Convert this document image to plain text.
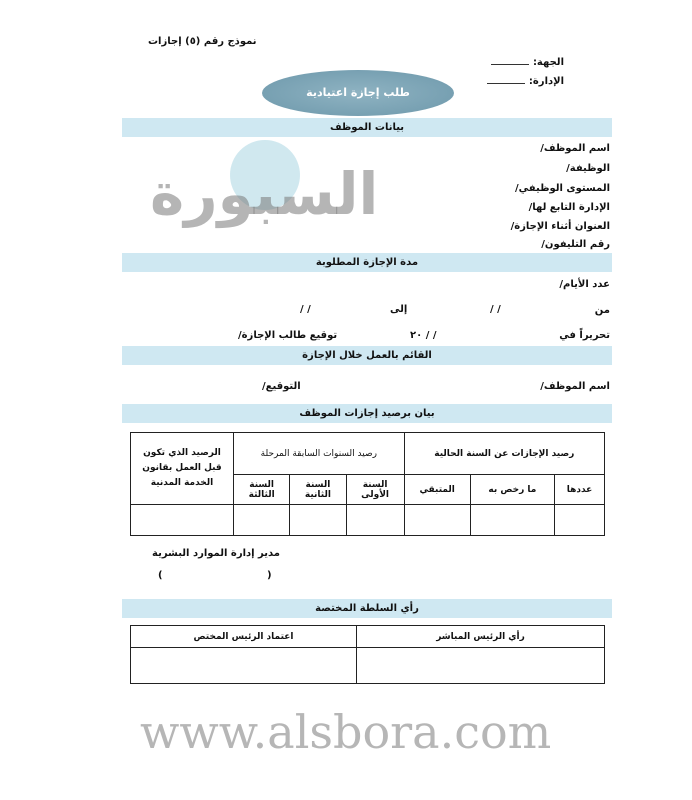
نموذج رقم (٥) إجازات
الجهة:
الإدارة:
طلب إجازة اعتيادية
بيانات الموظف
اسم الموظف/
الوظيفة/
المستوى الوظيفي/
الإدارة التابع لها/
العنوان أثناء الإجازة/
رقم التليفون/
مدة الإجازة المطلوبة
عدد الأيام/
من
/ /
إلى
/ /
تحريراً في
/ / ٢٠
توقيع طالب الإجازة/
القائم بالعمل خلال الإجازة
اسم الموظف/
التوقيع/
بيان برصيد إجازات الموظف
رصيد الإجازات عن السنة الحالية			رصيد السنوات السابقة المرحلة			الرصيد الذي تكون قبل العمل بقانون الخدمة المدنية
عددها	ما رخص به	المتبقي	السنة الأولى	السنة الثانية	السنة الثالثة	

مدير إدارة الموارد البشرية
(                              )
رأي السلطة المختصة
رأي الرئيس المباشر	اعتماد الرئيس المختص

السبورة
www.alsbora.com
